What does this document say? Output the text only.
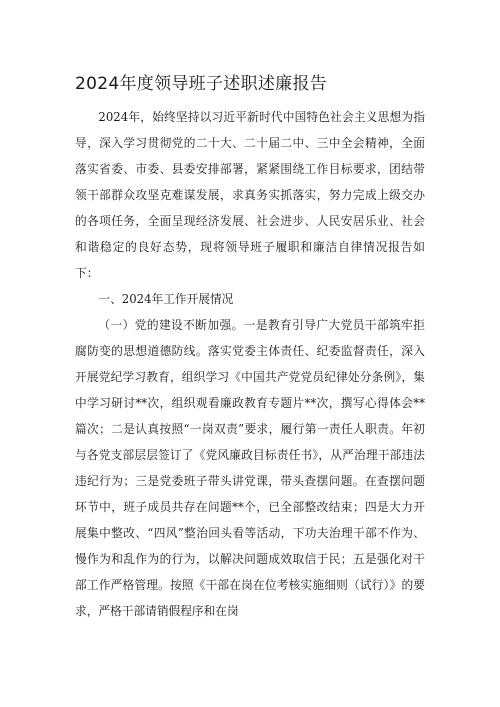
2024年度领导班子述职述廉报告

2024年，始终坚持以习近平新时代中国特色社会主义思想为指导，深入学习贯彻党的二十大、二十届二中、三中全会精神，全面落实省委、市委、县委安排部署，紧紧围绕工作目标要求，团结带领干部群众攻坚克难谋发展，求真务实抓落实，努力完成上级交办的各项任务，全面呈现经济发展、社会进步、人民安居乐业、社会和谐稳定的良好态势，现将领导班子履职和廉洁自律情况报告如下：

一、2024年工作开展情况

（一）党的建设不断加强。一是教育引导广大党员干部筑牢拒腐防变的思想道德防线。落实党委主体责任、纪委监督责任，深入开展党纪学习教育，组织学习《中国共产党党员纪律处分条例》，集中学习研讨**次，组织观看廉政教育专题片**次，撰写心得体会**篇次；二是认真按照“一岗双责”要求，履行第一责任人职责。年初与各党支部层层签订了《党风廉政目标责任书》，从严治理干部违法违纪行为；三是党委班子带头讲党课，带头查摆问题。在查摆问题环节中，班子成员共存在问题**个，已全部整改结束；四是大力开展集中整改、“四风”整治回头看等活动，下功夫治理干部不作为、慢作为和乱作为的行为，以解决问题成效取信于民；五是强化对干部工作严格管理。按照《干部在岗在位考核实施细则（试行）》的要求，严格干部请销假程序和在岗
